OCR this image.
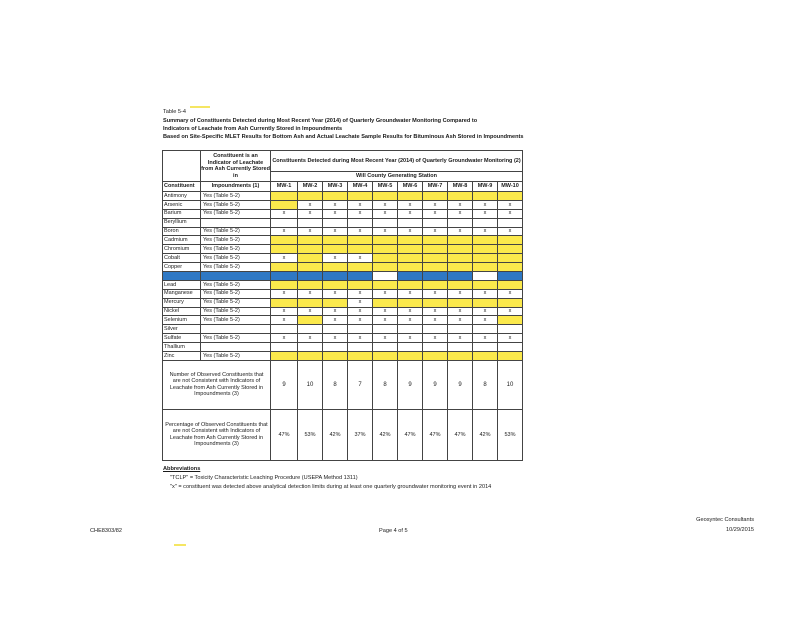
Table 5-4
Summary of Constituents Detected during Most Recent Year (2014) of Quarterly Groundwater Monitoring Compared to
Indicators of Leachate from Ash Currently Stored in Impoundments
Based on Site-Specific MLET Results for Bottom Ash and Actual Leachate Sample Results for Bituminous Ash Stored in Impoundments
	Constituent is an Indicator of Leachate from Ash Currently Stored in	Constituents Detected during Most Recent Year (2014) of Quarterly Groundwater Monitoring (2)									
		Will County Generating Station									
Constituent	Impoundments (1)	MW-1	MW-2	MW-3	MW-4	MW-5	MW-6	MW-7	MW-8	MW-9	MW-10
Antimony	Yes (Table 5-2)										
Arsenic	Yes (Table 5-2)		x	x	x	x	x	x	x	x	x
Barium	Yes (Table 5-2)	x	x	x	x	x	x	x	x	x	x
Beryllium											
Boron	Yes (Table 5-2)	x	x	x	x	x	x	x	x	x	x
Cadmium	Yes (Table 5-2)										
Chromium	Yes (Table 5-2)										
Cobalt	Yes (Table 5-2)	x		x	x						
Copper	Yes (Table 5-2)										
Iron		x	x	x	x		x	x	x		x
Lead	Yes (Table 5-2)										
Manganese	Yes (Table 5-2)	x	x	x	x	x	x	x	x	x	x
Mercury	Yes (Table 5-2)				x						
Nickel	Yes (Table 5-2)	x	x	x	x	x	x	x	x	x	x
Selenium	Yes (Table 5-2)	x		x	x	x	x	x	x	x	
Silver											
Sulfate	Yes (Table 5-2)	x	x	x	x	x	x	x	x	x	x
Thallium											
Zinc	Yes (Table 5-2)										
Number of Observed Constituents that are not Consistent with Indicators of Leachate from Ash Currently Stored in Impoundments (3)		9	10	8	7	8	9	9	9	8	10
Percentage of Observed Constituents that are not Consistent with Indicators of Leachate from Ash Currently Stored in Impoundments (3)		47%	53%	42%	37%	42%	47%	47%	47%	42%	53%
Abbreviations
"TCLP" = Toxicity Characteristic Leaching Procedure (USEPA Method 1311)
"x" = constituent was detected above analytical detection limits during at least one quarterly groundwater monitoring event in 2014
CHE8303/82	Page 4 of 5
Geosyntec Consultants
10/29/2015
